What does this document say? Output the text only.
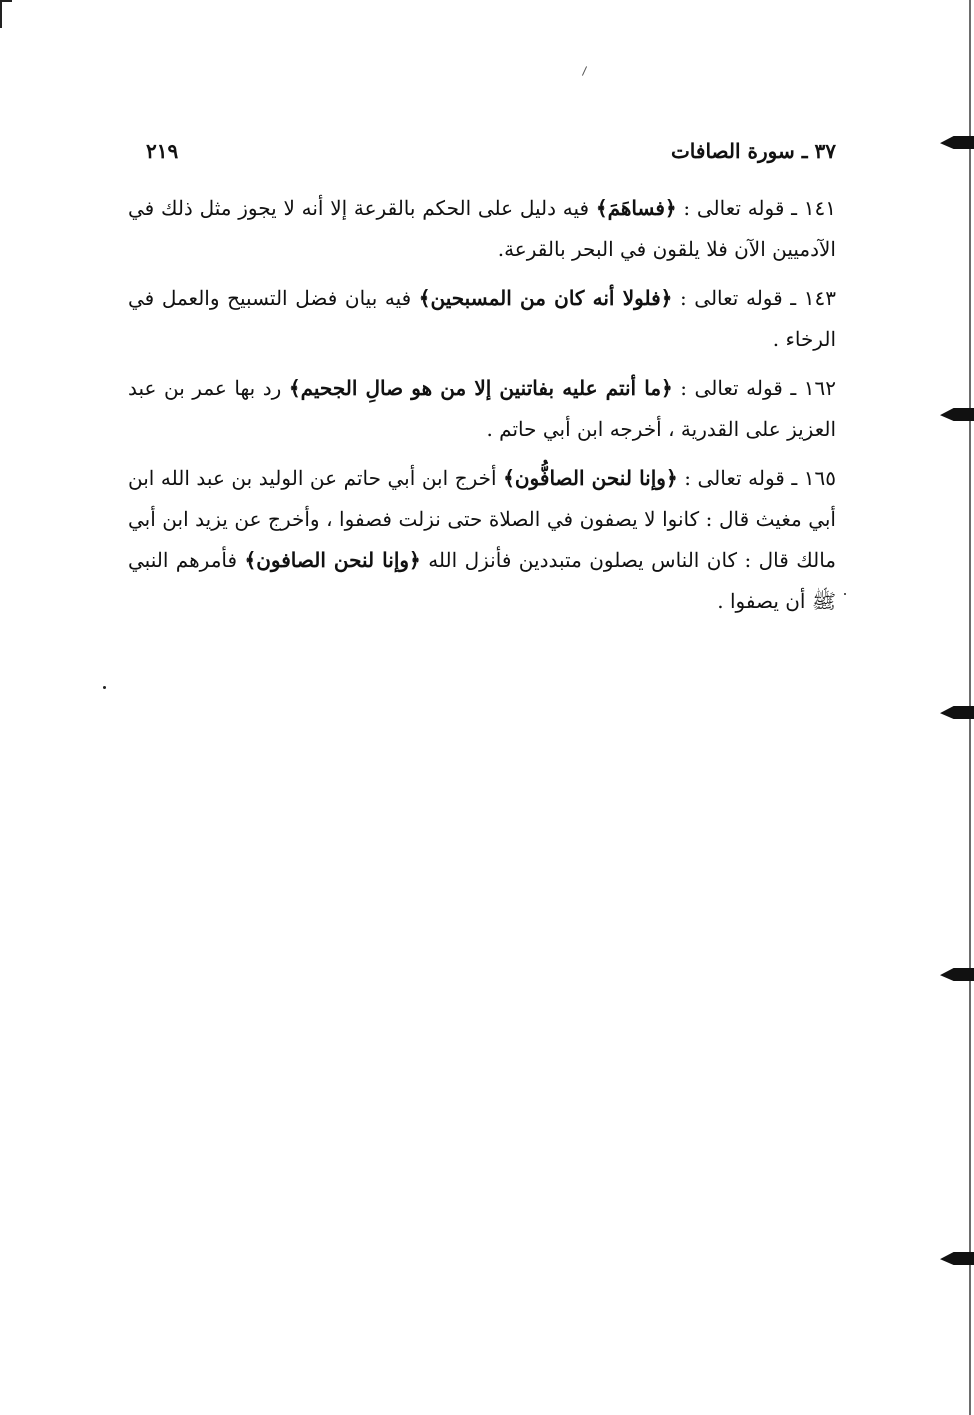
٣٧ ـ سورة الصافات
٢١٩

١٤١ ـ قوله تعالى : ﴿فساهَمَ﴾ فيه دليل على الحكم بالقرعة إلا أنه لا يجوز مثل ذلك في الآدميين الآن فلا يلقون في البحر بالقرعة.

١٤٣ ـ قوله تعالى : ﴿فلولا أنه كان من المسبحين﴾ فيه بيان فضل التسبيح والعمل في الرخاء .

١٦٢ ـ قوله تعالى : ﴿ما أنتم عليه بفاتنين إلا من هو صالِ الجحيم﴾ رد بها عمر بن عبد العزيز على القدرية ، أخرجه ابن أبي حاتم .

١٦٥ ـ قوله تعالى : ﴿وإنا لنحن الصافُّون﴾ أخرج ابن أبي حاتم عن الوليد بن عبد الله ابن أبي مغيث قال : كانوا لا يصفون في الصلاة حتى نزلت فصفوا ، وأخرج عن يزيد ابن أبي مالك قال : كان الناس يصلون متبددين فأنزل الله ﴿وإنا لنحن الصافون﴾ فأمرهم النبي ﷺ أن يصفوا .
